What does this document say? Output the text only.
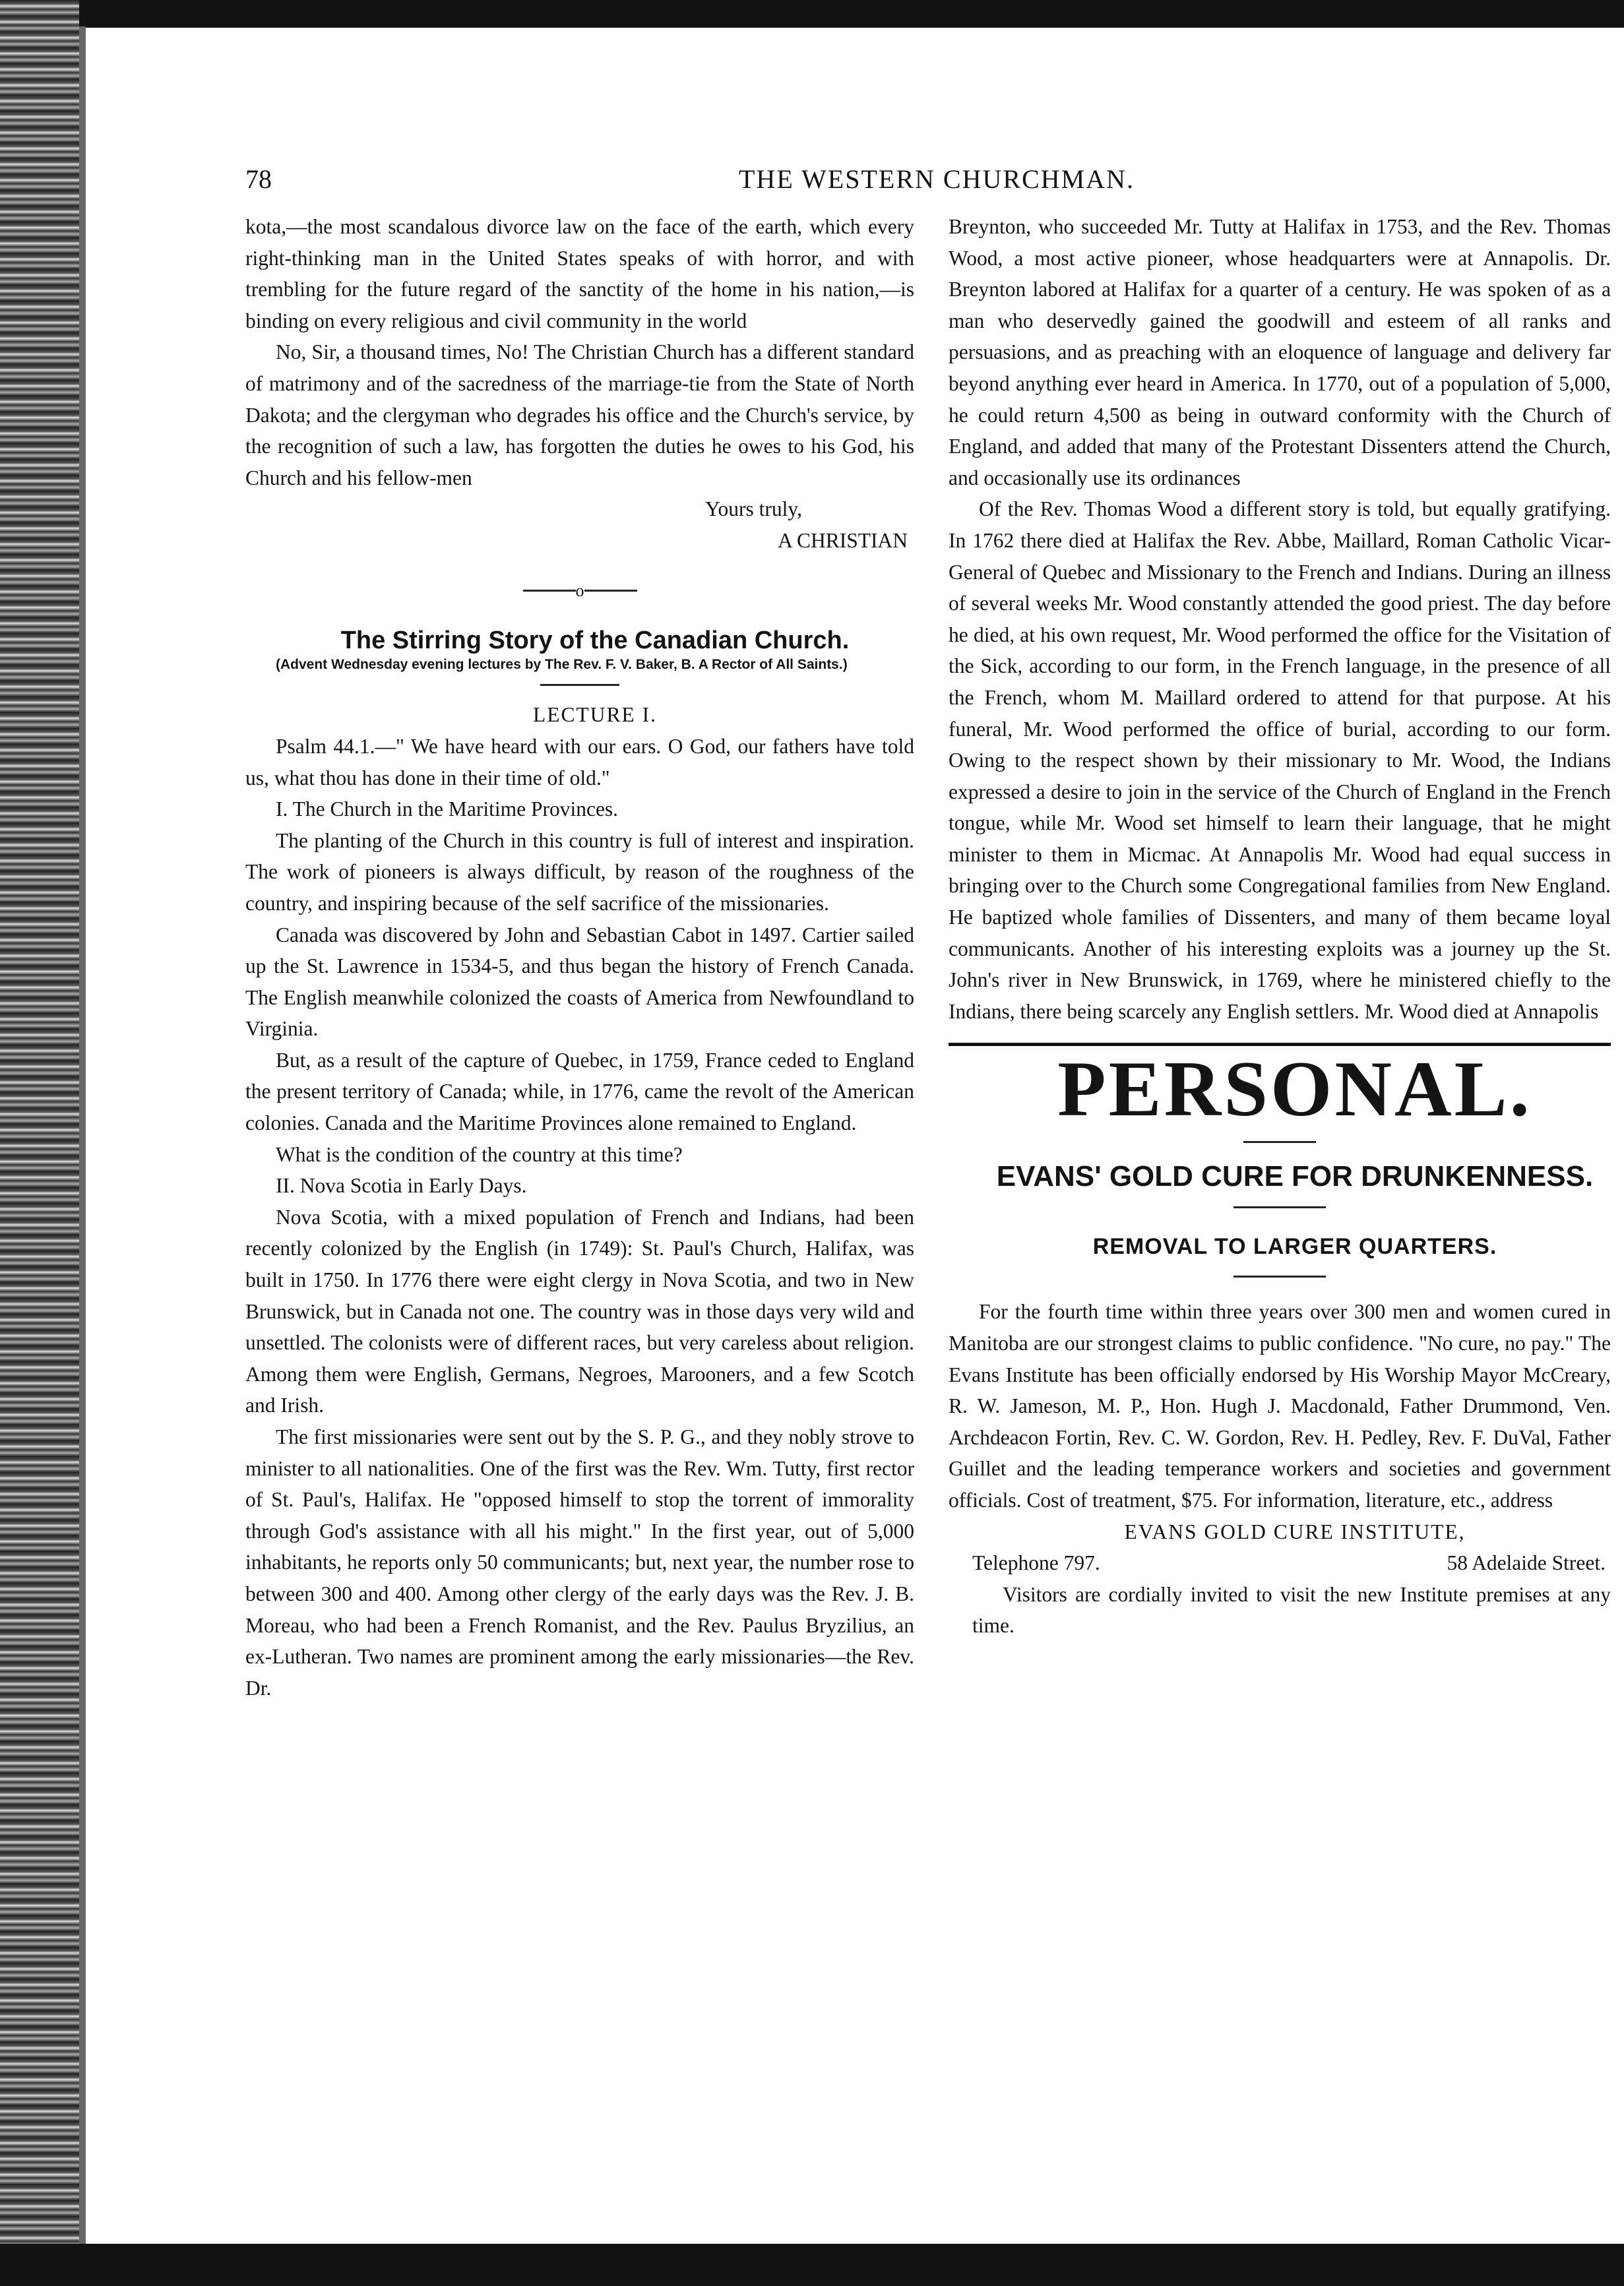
78	THE WESTERN CHURCHMAN.

kota,—the most scandalous divorce law on the face of the earth, which every right-thinking man in the United States speaks of with horror, and with trembling for the future regard of the sanctity of the home in his nation,—is binding on every religious and civil community in the world

No, Sir, a thousand times, No! The Christian Church has a different standard of matrimony and of the sacredness of the marriage-tie from the State of North Dakota; and the clergyman who degrades his office and the Church's service, by the recognition of such a law, has forgotten the duties he owes to his God, his Church and his fellow-men

Yours truly,

A CHRISTIAN

o

The Stirring Story of the Canadian Church.

(Advent Wednesday evening lectures by The Rev. F. V. Baker, B. A Rector of All Saints.)

LECTURE I.

Psalm 44.1.—" We have heard with our ears. O God, our fathers have told us, what thou has done in their time of old."

I. The Church in the Maritime Provinces.

The planting of the Church in this country is full of interest and inspiration. The work of pioneers is always difficult, by reason of the roughness of the country, and inspiring because of the self sacrifice of the missionaries.

Canada was discovered by John and Sebastian Cabot in 1497. Cartier sailed up the St. Lawrence in 1534-5, and thus began the history of French Canada. The English meanwhile colonized the coasts of America from Newfoundland to Virginia.

But, as a result of the capture of Quebec, in 1759, France ceded to England the present territory of Canada; while, in 1776, came the revolt of the American colonies. Canada and the Maritime Provinces alone remained to England.

What is the condition of the country at this time?

II. Nova Scotia in Early Days.

Nova Scotia, with a mixed population of French and Indians, had been recently colonized by the English (in 1749): St. Paul's Church, Halifax, was built in 1750. In 1776 there were eight clergy in Nova Scotia, and two in New Brunswick, but in Canada not one. The country was in those days very wild and unsettled. The colonists were of different races, but very careless about religion. Among them were English, Germans, Negroes, Marooners, and a few Scotch and Irish.

The first missionaries were sent out by the S. P. G., and they nobly strove to minister to all nationalities. One of the first was the Rev. Wm. Tutty, first rector of St. Paul's, Halifax. He "opposed himself to stop the torrent of immorality through God's assistance with all his might." In the first year, out of 5,000 inhabitants, he reports only 50 communicants; but, next year, the number rose to between 300 and 400. Among other clergy of the early days was the Rev. J. B. Moreau, who had been a French Romanist, and the Rev. Paulus Bryzilius, an ex-Lutheran. Two names are prominent among the early missionaries—the Rev. Dr.

Breynton, who succeeded Mr. Tutty at Halifax in 1753, and the Rev. Thomas Wood, a most active pioneer, whose headquarters were at Annapolis. Dr. Breynton labored at Halifax for a quarter of a century. He was spoken of as a man who deservedly gained the goodwill and esteem of all ranks and persuasions, and as preaching with an eloquence of language and delivery far beyond anything ever heard in America. In 1770, out of a population of 5,000, he could return 4,500 as being in outward conformity with the Church of England, and added that many of the Protestant Dissenters attend the Church, and occasionally use its ordinances

Of the Rev. Thomas Wood a different story is told, but equally gratifying. In 1762 there died at Halifax the Rev. Abbe, Maillard, Roman Catholic Vicar-General of Quebec and Missionary to the French and Indians. During an illness of several weeks Mr. Wood constantly attended the good priest. The day before he died, at his own request, Mr. Wood performed the office for the Visitation of the Sick, according to our form, in the French language, in the presence of all the French, whom M. Maillard ordered to attend for that purpose. At his funeral, Mr. Wood performed the office of burial, according to our form. Owing to the respect shown by their missionary to Mr. Wood, the Indians expressed a desire to join in the service of the Church of England in the French tongue, while Mr. Wood set himself to learn their language, that he might minister to them in Micmac. At Annapolis Mr. Wood had equal success in bringing over to the Church some Congregational families from New England. He baptized whole families of Dissenters, and many of them became loyal communicants. Another of his interesting exploits was a journey up the St. John's river in New Brunswick, in 1769, where he ministered chiefly to the Indians, there being scarcely any English settlers. Mr. Wood died at Annapolis

PERSONAL.

EVANS' GOLD CURE FOR DRUNKENNESS.

REMOVAL TO LARGER QUARTERS.

For the fourth time within three years over 300 men and women cured in Manitoba are our strongest claims to public confidence. "No cure, no pay." The Evans Institute has been officially endorsed by His Worship Mayor McCreary, R. W. Jameson, M. P., Hon. Hugh J. Macdonald, Father Drummond, Ven. Archdeacon Fortin, Rev. C. W. Gordon, Rev. H. Pedley, Rev. F. DuVal, Father Guillet and the leading temperance workers and societies and government officials. Cost of treatment, $75. For information, literature, etc., address

EVANS GOLD CURE INSTITUTE,

Telephone 797.	58 Adelaide Street.

Visitors are cordially invited to visit the new Institute premises at any time.
